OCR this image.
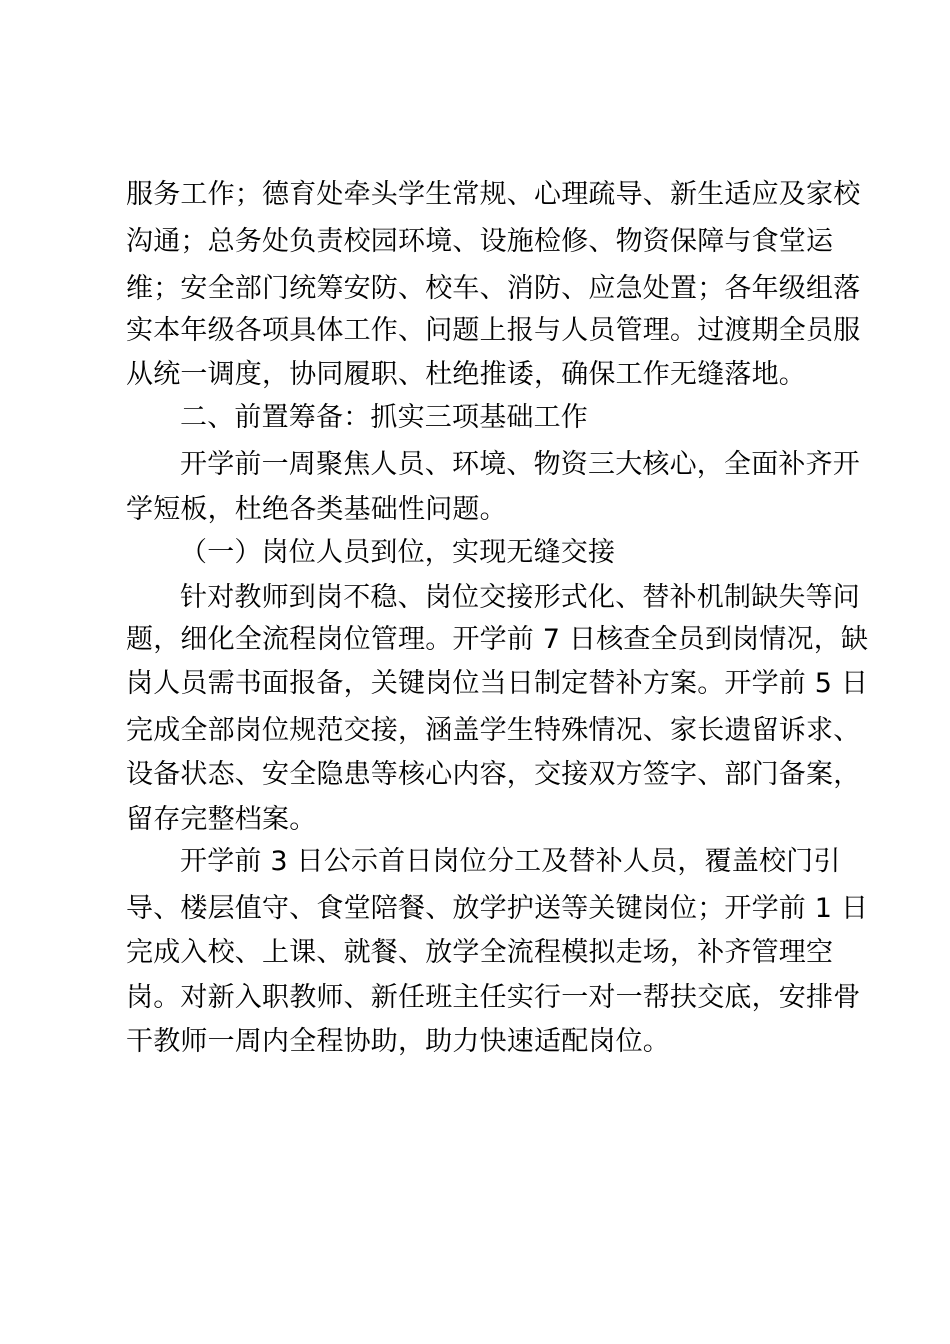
服务工作；德育处牵头学生常规、心理疏导、新生适应及家校
沟通；总务处负责校园环境、设施检修、物资保障与食堂运
维；安全部门统筹安防、校车、消防、应急处置；各年级组落
实本年级各项具体工作、问题上报与人员管理。过渡期全员服
从统一调度，协同履职、杜绝推诿，确保工作无缝落地。
二、前置筹备：抓实三项基础工作
开学前一周聚焦人员、环境、物资三大核心，全面补齐开
学短板，杜绝各类基础性问题。
（一）岗位人员到位，实现无缝交接
针对教师到岗不稳、岗位交接形式化、替补机制缺失等问
题，细化全流程岗位管理。开学前 7 日核查全员到岗情况，缺
岗人员需书面报备，关键岗位当日制定替补方案。开学前 5 日
完成全部岗位规范交接，涵盖学生特殊情况、家长遗留诉求、
设备状态、安全隐患等核心内容，交接双方签字、部门备案，
留存完整档案。
开学前 3 日公示首日岗位分工及替补人员，覆盖校门引
导、楼层值守、食堂陪餐、放学护送等关键岗位；开学前 1 日
完成入校、上课、就餐、放学全流程模拟走场，补齐管理空
岗。对新入职教师、新任班主任实行一对一帮扶交底，安排骨
干教师一周内全程协助，助力快速适配岗位。
